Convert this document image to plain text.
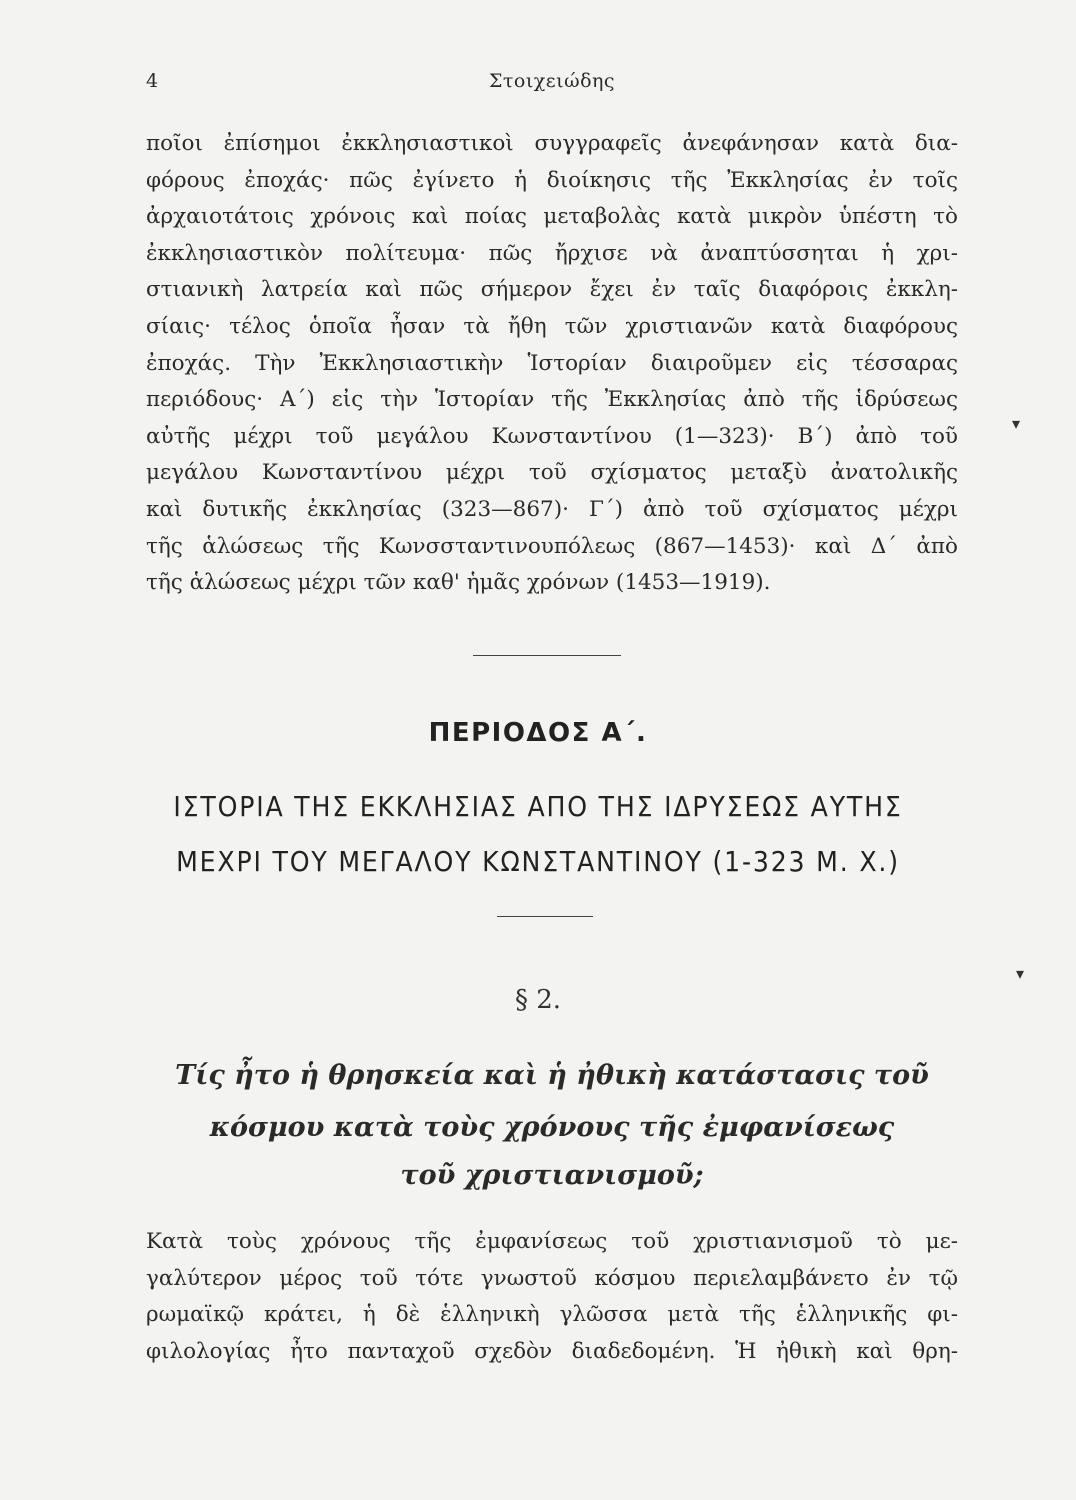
4	Στοιχειώδης

ποῖοι ἐπίσημοι ἐκκλησιαστικοὶ συγγραφεῖς ἀνεφάνησαν κατὰ δια-
φόρους ἐποχάς· πῶς ἐγίνετο ἡ διοίκησις τῆς Ἐκκλησίας ἐν τοῖς
ἀρχαιοτάτοις χρόνοις καὶ ποίας μεταβολὰς κατὰ μικρὸν ὑπέστη τὸ
ἐκκλησιαστικὸν πολίτευμα· πῶς ἤρχισε νὰ ἀναπτύσσηται ἡ χρι-
στιανικὴ λατρεία καὶ πῶς σήμερον ἔχει ἐν ταῖς διαφόροις ἐκκλη-
σίαις· τέλος ὁποῖα ἦσαν τὰ ἤθη τῶν χριστιανῶν κατὰ διαφόρους
ἐποχάς. Τὴν Ἐκκλησιαστικὴν Ἱστορίαν διαιροῦμεν εἰς τέσσαρας
περιόδους· Α΄) εἰς τὴν Ἱστορίαν τῆς Ἐκκλησίας ἀπὸ τῆς ἱδρύσεως
αὐτῆς μέχρι τοῦ μεγάλου Κωνσταντίνου (1—323)· Β΄) ἀπὸ τοῦ
μεγάλου Κωνσταντίνου μέχρι τοῦ σχίσματος μεταξὺ ἀνατολικῆς
καὶ δυτικῆς ἐκκλησίας (323—867)· Γ΄) ἀπὸ τοῦ σχίσματος μέχρι
τῆς ἁλώσεως τῆς Κωνσσταντινουπόλεως (867—1453)· καὶ Δ΄ ἀπὸ
τῆς ἁλώσεως μέχρι τῶν καθ' ἡμᾶς χρόνων (1453—1919).

ΠΕΡΙΟΔΟΣ Α΄.
ΙΣΤΟΡΙΑ ΤΗΣ ΕΚΚΛΗΣΙΑΣ ΑΠΟ ΤΗΣ ΙΔΡΥΣΕΩΣ ΑΥΤΗΣ
ΜΕΧΡΙ ΤΟΥ ΜΕΓΑΛΟΥ ΚΩΝΣΤΑΝΤΙΝΟΥ (1-323 Μ. Χ.)
§ 2.
Τίς ἦτο ἡ θρησκεία καὶ ἡ ἠθικὴ κατάστασις τοῦ
κόσμου κατὰ τοὺς χρόνους τῆς ἐμφανίσεως
τοῦ χριστιανισμοῦ;

Κατὰ τοὺς χρόνους τῆς ἐμφανίσεως τοῦ χριστιανισμοῦ τὸ με-
γαλύτερον μέρος τοῦ τότε γνωστοῦ κόσμου περιελαμβάνετο ἐν τῷ
ρωμαϊκῷ κράτει, ἡ δὲ ἑλληνικὴ γλῶσσα μετὰ τῆς ἑλληνικῆς φι-
φιλολογίας ἦτο πανταχοῦ σχεδὸν διαδεδομένη. Ἡ ἠθικὴ καὶ θρη-

▾
▾
